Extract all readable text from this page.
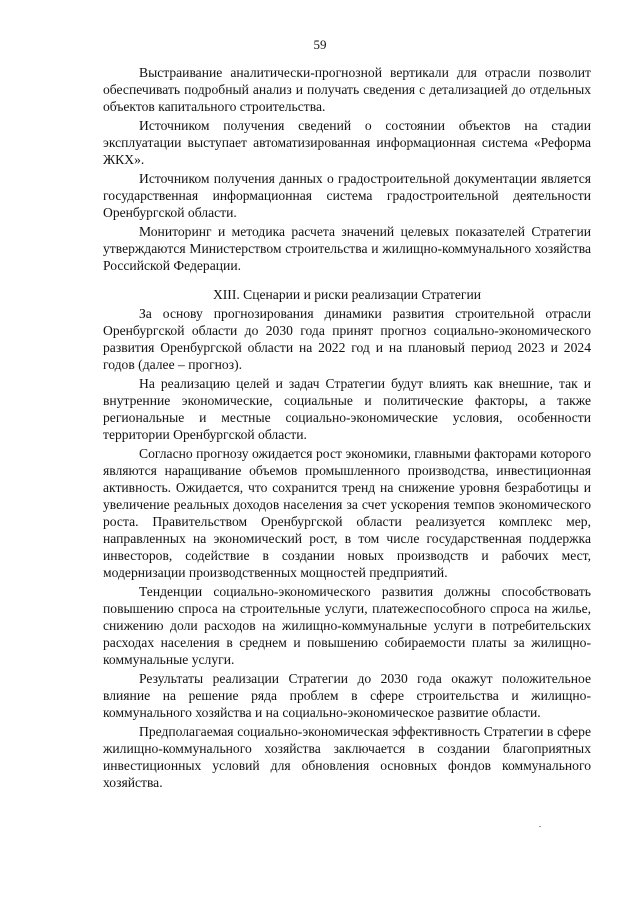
59

Выстраивание аналитически-прогнозной вертикали для отрасли позволит обеспечивать подробный анализ и получать сведения с детализацией до отдельных объектов капитального строительства.

Источником получения сведений о состоянии объектов на стадии эксплуатации выступает автоматизированная информационная система «Реформа ЖКХ».

Источником получения данных о градостроительной документации является государственная информационная система градостроительной деятельности Оренбургской области.

Мониторинг и методика расчета значений целевых показателей Стратегии утверждаются Министерством строительства и жилищно-коммунального хозяйства Российской Федерации.

XIII. Сценарии и риски реализации Стратегии

За основу прогнозирования динамики развития строительной отрасли Оренбургской области до 2030 года принят прогноз социально-экономического развития Оренбургской области на 2022 год и на плановый период 2023 и 2024 годов (далее – прогноз).

На реализацию целей и задач Стратегии будут влиять как внешние, так и внутренние экономические, социальные и политические факторы, а также региональные и местные социально-экономические условия, особенности территории Оренбургской области.

Согласно прогнозу ожидается рост экономики, главными факторами которого являются наращивание объемов промышленного производства, инвестиционная активность. Ожидается, что сохранится тренд на снижение уровня безработицы и увеличение реальных доходов населения за счет ускорения темпов экономического роста. Правительством Оренбургской области реализуется комплекс мер, направленных на экономический рост, в том числе государственная поддержка инвесторов, содействие в создании новых производств и рабочих мест, модернизации производственных мощностей предприятий.

Тенденции социально-экономического развития должны способствовать повышению спроса на строительные услуги, платежеспособного спроса на жилье, снижению доли расходов на жилищно-коммунальные услуги в потребительских расходах населения в среднем и повышению собираемости платы за жилищно-коммунальные услуги.

Результаты реализации Стратегии до 2030 года окажут положительное влияние на решение ряда проблем в сфере строительства и жилищно-коммунального хозяйства и на социально-экономическое развитие области.

Предполагаемая социально-экономическая эффективность Стратегии в сфере жилищно-коммунального хозяйства заключается в создании благоприятных инвестиционных условий для обновления основных фондов коммунального хозяйства.
